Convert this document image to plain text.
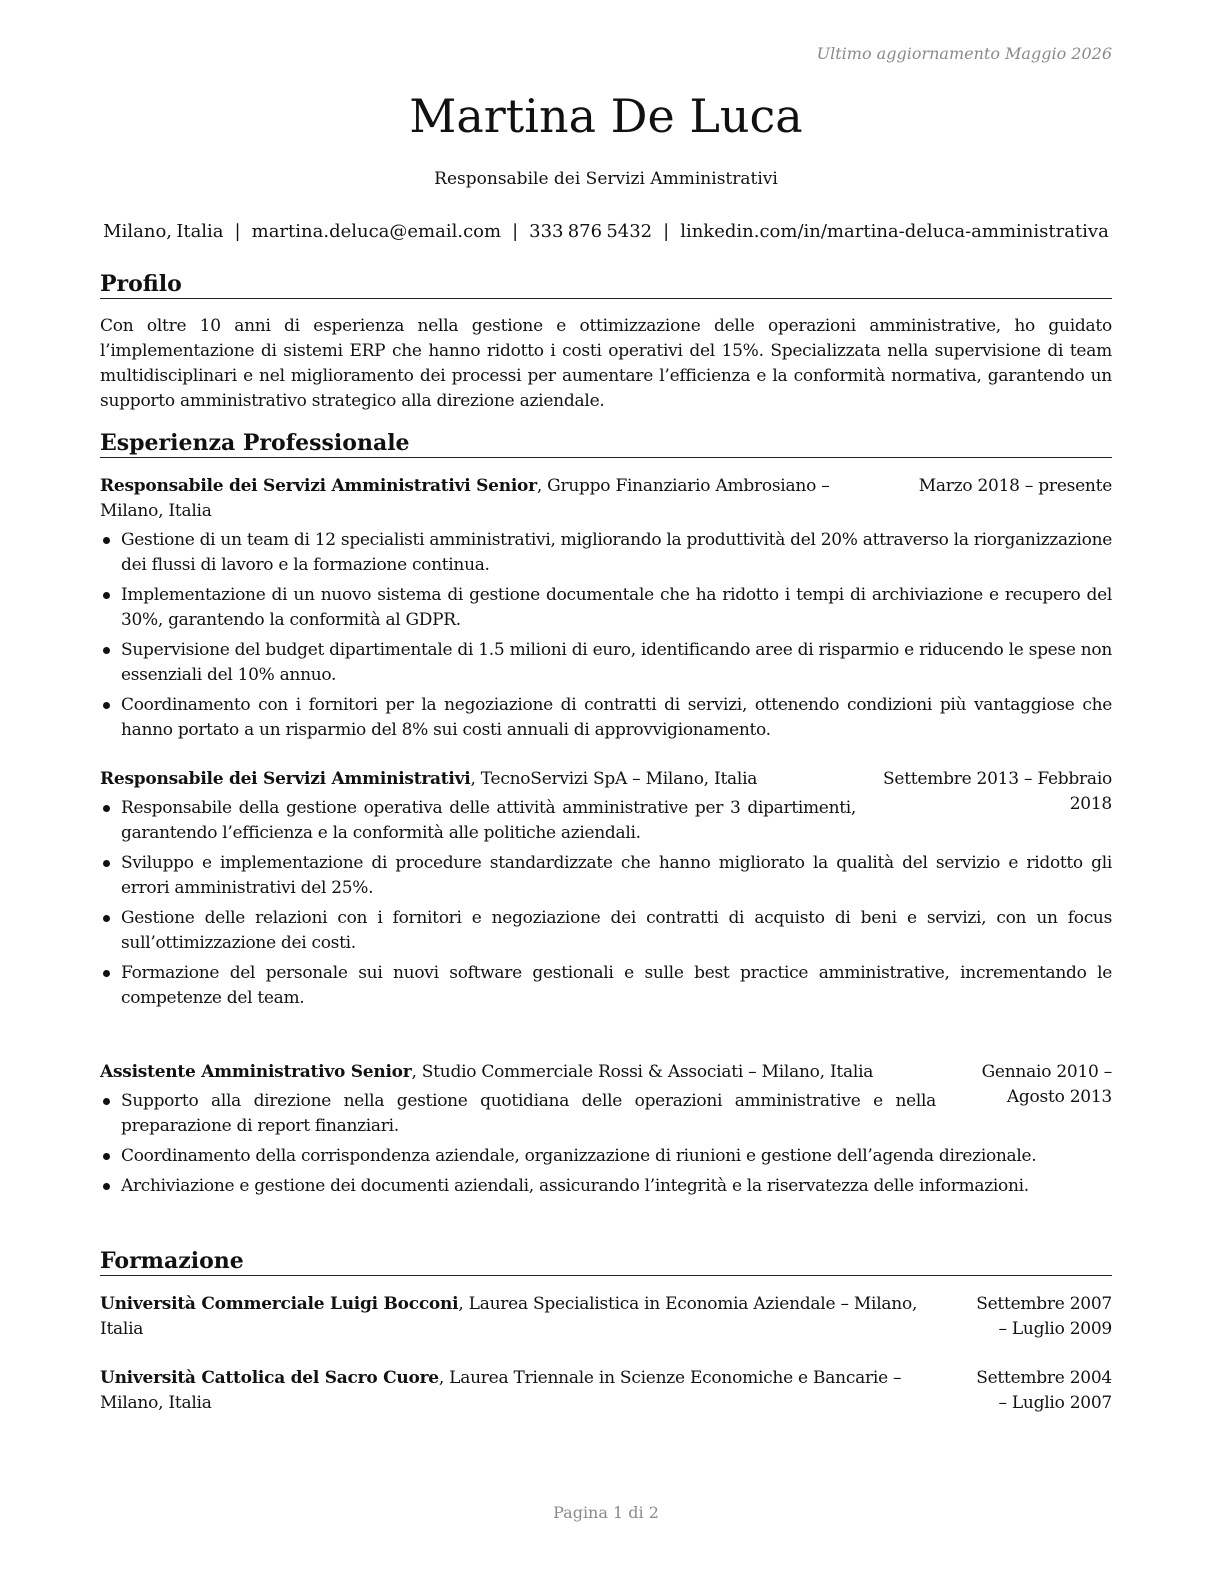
Ultimo aggiornamento Maggio 2026
Martina De Luca
Responsabile dei Servizi Amministrativi
Milano, Italia | martina.deluca@email.com | 333 876 5432 | linkedin.com/in/martina-deluca-amministrativa
Profilo

Con oltre 10 anni di esperienza nella gestione e ottimizzazione delle operazioni amministrative, ho guidato l’implementazione di sistemi ERP che hanno ridotto i costi operativi del 15%. Specializzata nella supervisione di team multidisciplinari e nel miglioramento dei processi per aumentare l’efficienza e la conformità normativa, garantendo un supporto amministrativo strategico alla direzione aziendale.

Esperienza Professionale
Marzo 2018 – presente
Responsabile dei Servizi Amministrativi Senior, Gruppo Finanziario Ambrosiano – Milano, Italia
Gestione di un team di 12 specialisti amministrativi, migliorando la produttività del 20% attraverso la riorganizzazione dei flussi di lavoro e la formazione continua.
Implementazione di un nuovo sistema di gestione documentale che ha ridotto i tempi di archiviazione e recupero del 30%, garantendo la conformità al GDPR.
Supervisione del budget dipartimentale di 1.5 milioni di euro, identificando aree di risparmio e riducendo le spese non essenziali del 10% annuo.
Coordinamento con i fornitori per la negoziazione di contratti di servizi, ottenendo condizioni più vantaggiose che hanno portato a un risparmio del 8% sui costi annuali di approvvigionamento.
Settembre 2013 – Febbraio 2018
Responsabile dei Servizi Amministrativi, TecnoServizi SpA – Milano, Italia
Responsabile della gestione operativa delle attività amministrative per 3 dipartimenti, garantendo l’efficienza e la conformità alle politiche aziendali.
Sviluppo e implementazione di procedure standardizzate che hanno migliorato la qualità del servizio e ridotto gli errori amministrativi del 25%.
Gestione delle relazioni con i fornitori e negoziazione dei contratti di acquisto di beni e servizi, con un focus sull’ottimizzazione dei costi.
Formazione del personale sui nuovi software gestionali e sulle best practice amministrative, incrementando le competenze del team.
Gennaio 2010 – Agosto 2013
Assistente Amministrativo Senior, Studio Commerciale Rossi & Associati – Milano, Italia
Supporto alla direzione nella gestione quotidiana delle operazioni amministrative e nella preparazione di report finanziari.
Coordinamento della corrispondenza aziendale, organizzazione di riunioni e gestione dell’agenda direzionale.
Archiviazione e gestione dei documenti aziendali, assicurando l’integrità e la riservatezza delle informazioni.
Formazione
Settembre 2007 – Luglio 2009
Università Commerciale Luigi Bocconi, Laurea Specialistica in Economia Aziendale – Milano, Italia
Settembre 2004 – Luglio 2007
Università Cattolica del Sacro Cuore, Laurea Triennale in Scienze Economiche e Bancarie – Milano, Italia
Pagina 1 di 2
